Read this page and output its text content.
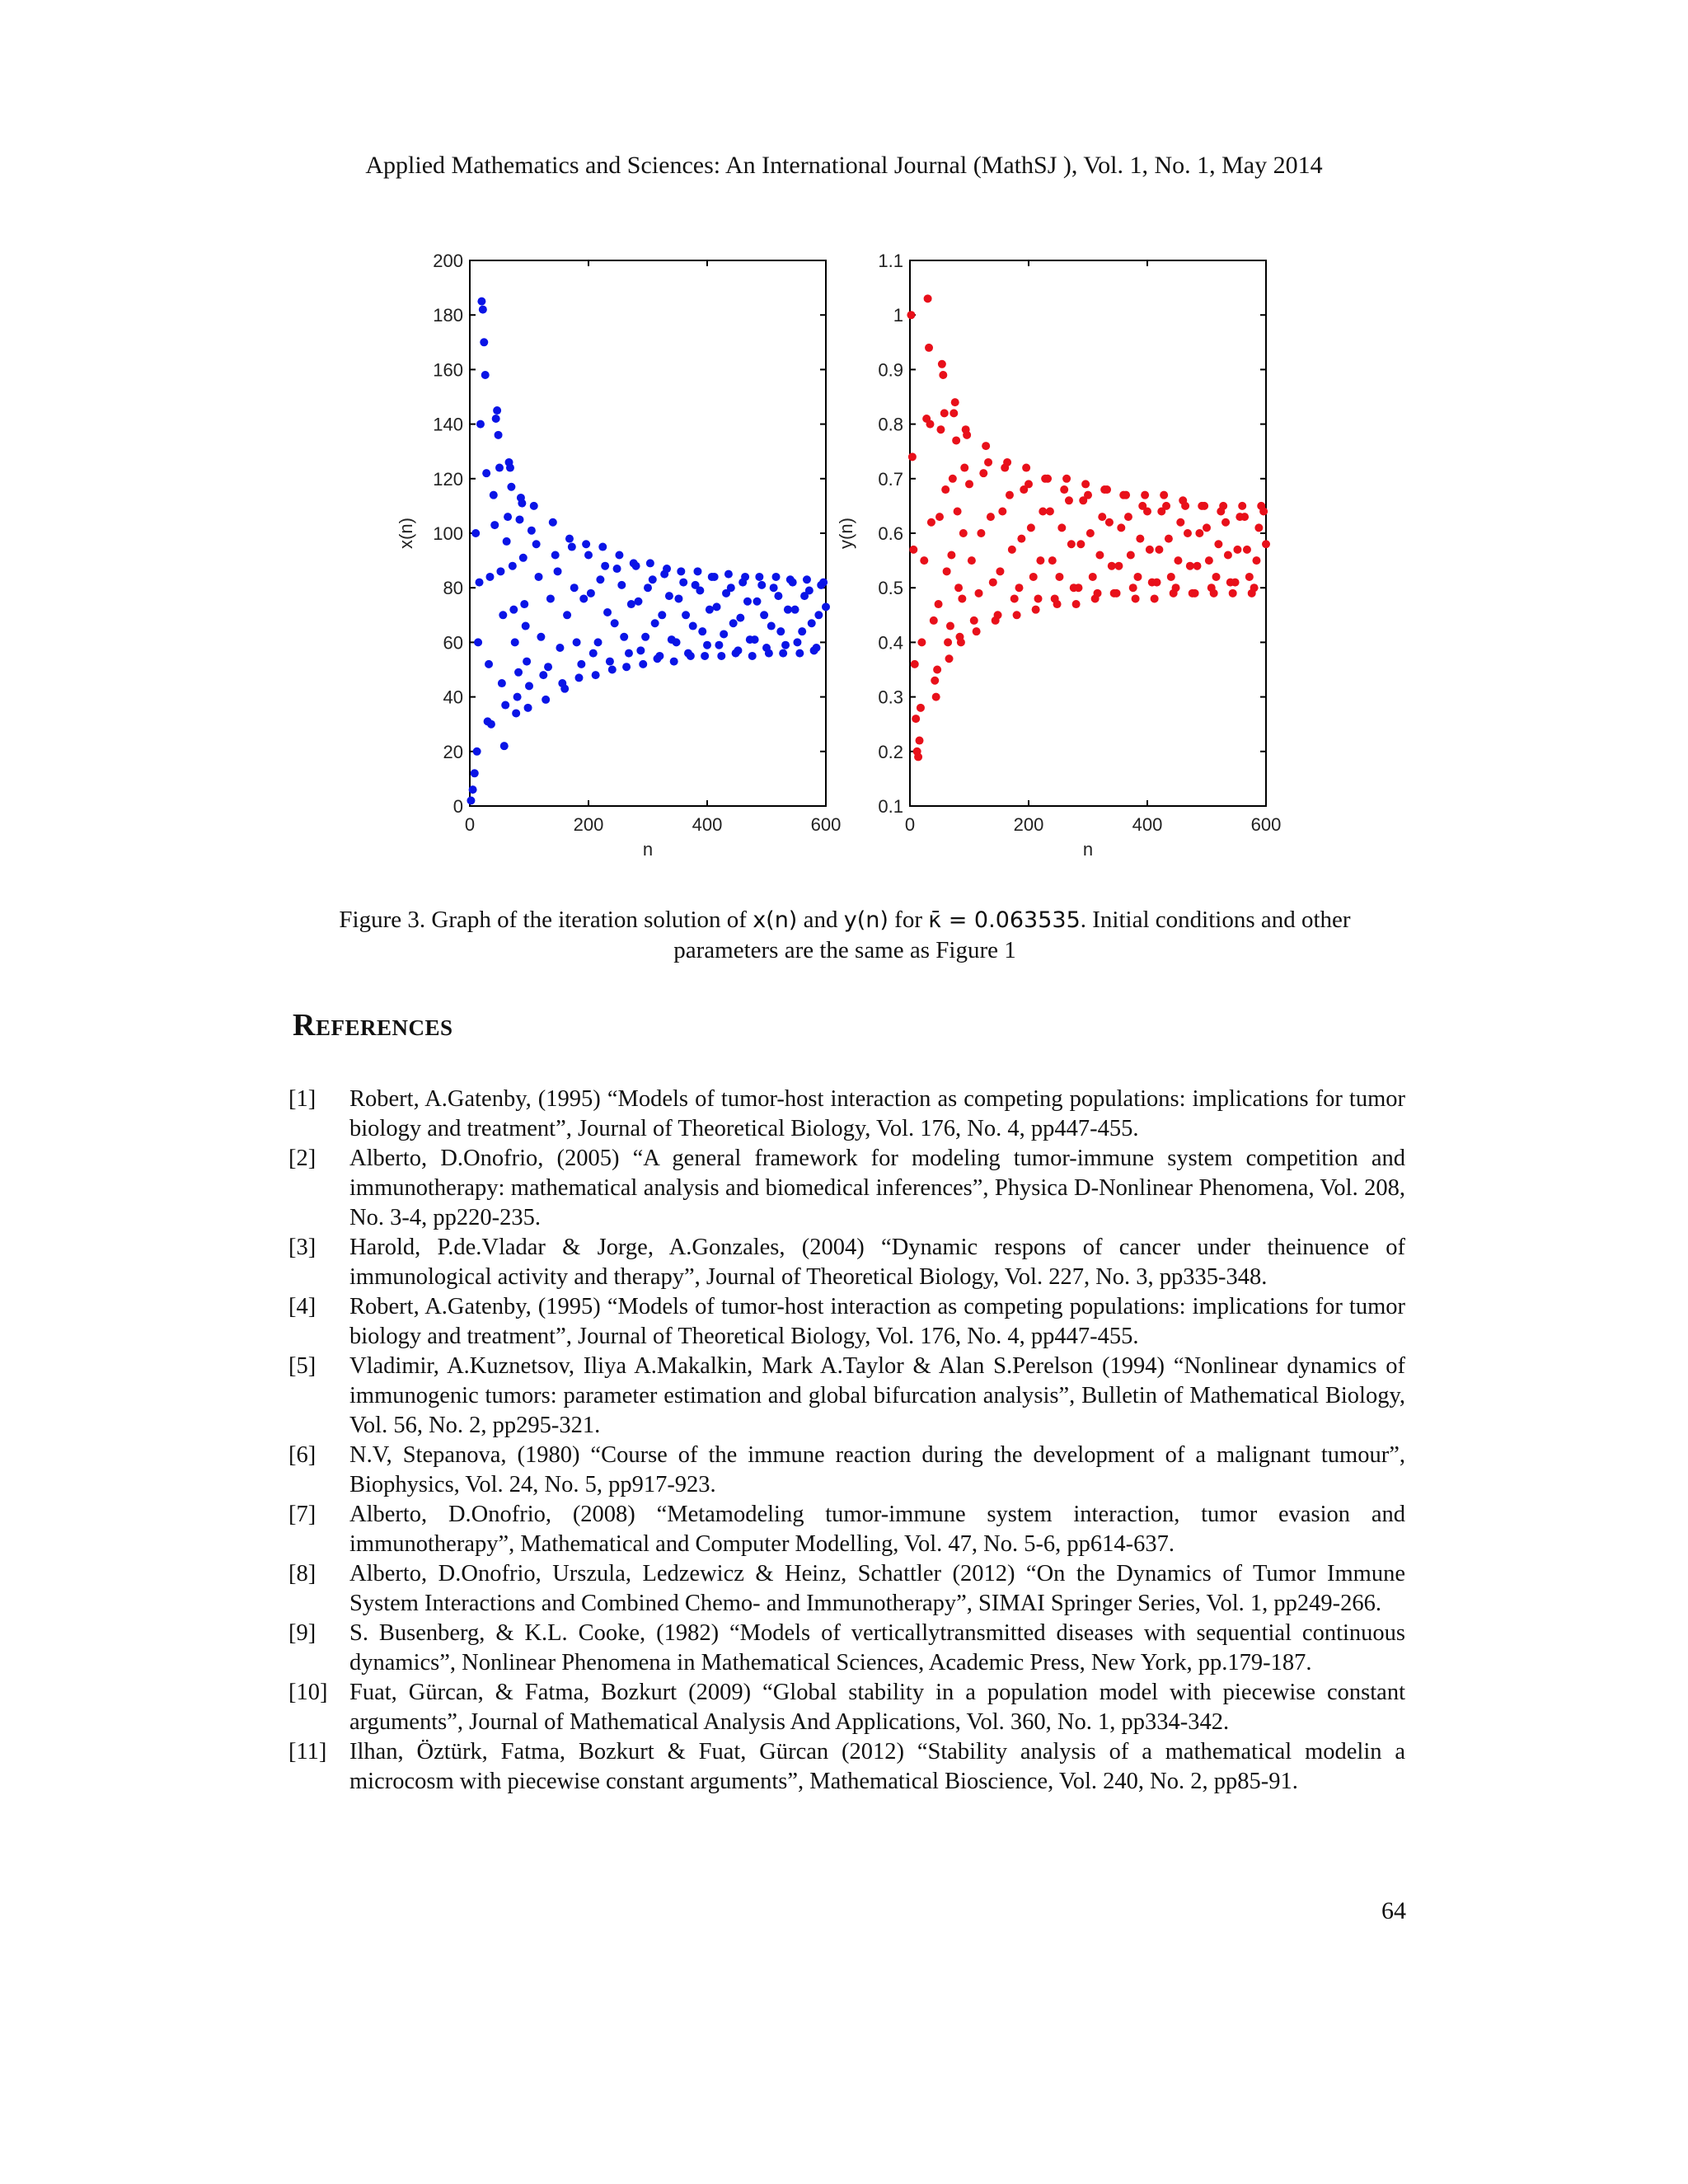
Applied Mathematics and Sciences: An International Journal (MathSJ ), Vol. 1, No. 1, May 2014
0	200	400	600
0
20
40
60
80
100
120
140
160
180
200
n
x(n)
0	200	400	600
0.1
0.2
0.3
0.4
0.5
0.6
0.7
0.8
0.9
1
1.1
n
y(n)
Figure 3. Graph of the iteration solution of x(n) and y(n) for κ̄ = 0.063535. Initial conditions and other
parameters are the same as Figure 1
References
[1] Robert, A.Gatenby, (1995) “Models of tumor-host interaction as competing populations: implications for tumor biology and treatment”, Journal of Theoretical Biology, Vol. 176, No. 4, pp447-455.
[2] Alberto, D.Onofrio, (2005) “A general framework for modeling tumor-immune system competition and immunotherapy: mathematical analysis and biomedical inferences”, Physica D-Nonlinear Phenomena, Vol. 208, No. 3-4, pp220-235.
[3] Harold, P.de.Vladar & Jorge, A.Gonzales, (2004) “Dynamic respons of cancer under theinuence of immunological activity and therapy”, Journal of Theoretical Biology, Vol. 227, No. 3, pp335-348.
[4] Robert, A.Gatenby, (1995) “Models of tumor-host interaction as competing populations: implications for tumor biology and treatment”, Journal of Theoretical Biology, Vol. 176, No. 4, pp447-455.
[5] Vladimir, A.Kuznetsov, Iliya A.Makalkin, Mark A.Taylor & Alan S.Perelson (1994) “Nonlinear dynamics of immunogenic tumors: parameter estimation and global bifurcation analysis”, Bulletin of Mathematical Biology, Vol. 56, No. 2, pp295-321.
[6] N.V, Stepanova, (1980) “Course of the immune reaction during the development of a malignant tumour”, Biophysics, Vol. 24, No. 5, pp917-923.
[7] Alberto, D.Onofrio, (2008) “Metamodeling tumor-immune system interaction, tumor evasion and immunotherapy”, Mathematical and Computer Modelling, Vol. 47, No. 5-6, pp614-637.
[8] Alberto, D.Onofrio, Urszula, Ledzewicz & Heinz, Schattler (2012) “On the Dynamics of Tumor Immune System Interactions and Combined Chemo- and Immunotherapy”, SIMAI Springer Series, Vol. 1, pp249-266.
[9] S. Busenberg, & K.L. Cooke, (1982) “Models of verticallytransmitted diseases with sequential continuous dynamics”, Nonlinear Phenomena in Mathematical Sciences, Academic Press, New York, pp.179-187.
[10] Fuat, Gürcan, & Fatma, Bozkurt (2009) “Global stability in a population model with piecewise constant arguments”, Journal of Mathematical Analysis And Applications, Vol. 360, No. 1, pp334-342.
[11] Ilhan, Öztürk, Fatma, Bozkurt & Fuat, Gürcan (2012) “Stability analysis of a mathematical modelin a microcosm with piecewise constant arguments”, Mathematical Bioscience, Vol. 240, No. 2, pp85-91.
64
